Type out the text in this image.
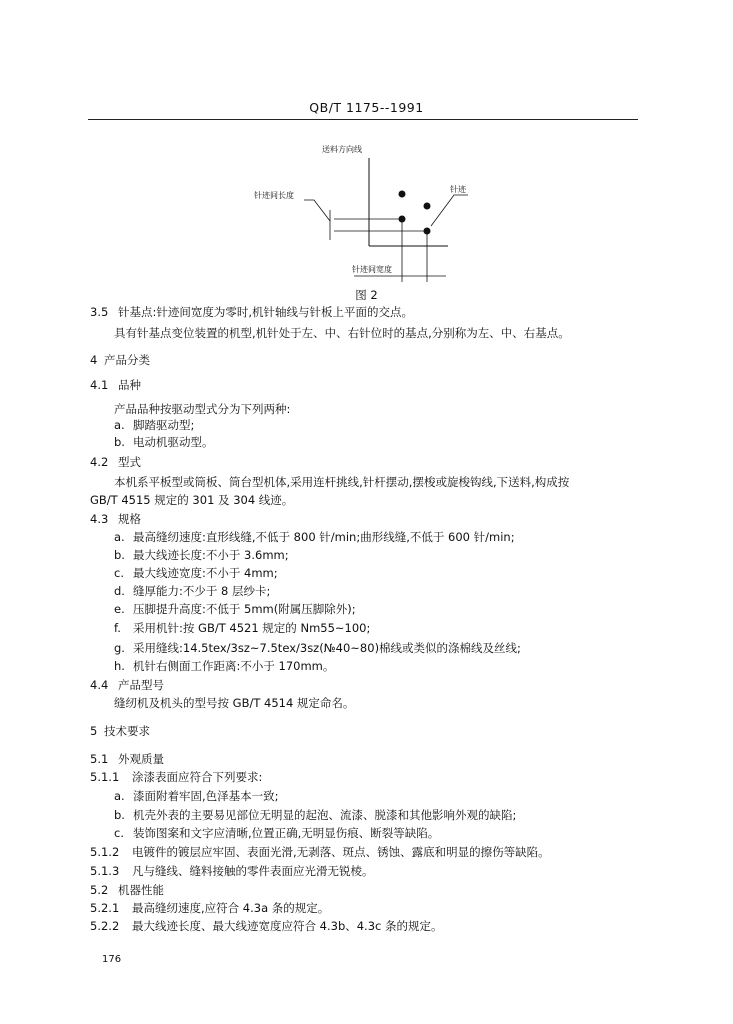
QB/T 1175--1991
送料方向线
针迹间长度
针迹
针迹间宽度
图 2
3.5 针基点:针迹间宽度为零时,机针轴线与针板上平面的交点。
具有针基点变位装置的机型,机针处于左、中、右针位时的基点,分别称为左、中、右基点。
4 产品分类
4.1 品种
产品品种按驱动型式分为下列两种:
a. 脚踏驱动型;
b. 电动机驱动型。
4.2 型式
本机系平板型或筒板、筒台型机体,采用连杆挑线,针杆摆动,摆梭或旋梭钩线,下送料,构成按
GB/T 4515 规定的 301 及 304 线迹。
4.3 规格
a. 最高缝纫速度:直形线缝,不低于 800 针/min;曲形线缝,不低于 600 针/min;
b. 最大线迹长度:不小于 3.6mm;
c. 最大线迹宽度:不小于 4mm;
d. 缝厚能力:不少于 8 层纱卡;
e. 压脚提升高度:不低于 5mm(附属压脚除外);
f. 采用机针:按 GB/T 4521 规定的 Nm55~100;
g. 采用缝线:14.5tex/3sz~7.5tex/3sz(№40~80)棉线或类似的涤棉线及丝线;
h. 机针右侧面工作距离:不小于 170mm。
4.4 产品型号
缝纫机及机头的型号按 GB/T 4514 规定命名。
5 技术要求
5.1 外观质量
5.1.1 涂漆表面应符合下列要求:
a. 漆面附着牢固,色泽基本一致;
b. 机壳外表的主要易见部位无明显的起泡、流漆、脱漆和其他影响外观的缺陷;
c. 装饰图案和文字应清晰,位置正确,无明显伤痕、断裂等缺陷。
5.1.2 电镀件的镀层应牢固、表面光滑,无剥落、斑点、锈蚀、露底和明显的擦伤等缺陷。
5.1.3 凡与缝线、缝料接触的零件表面应光滑无锐棱。
5.2 机器性能
5.2.1 最高缝纫速度,应符合 4.3a 条的规定。
5.2.2 最大线迹长度、最大线迹宽度应符合 4.3b、4.3c 条的规定。
176
